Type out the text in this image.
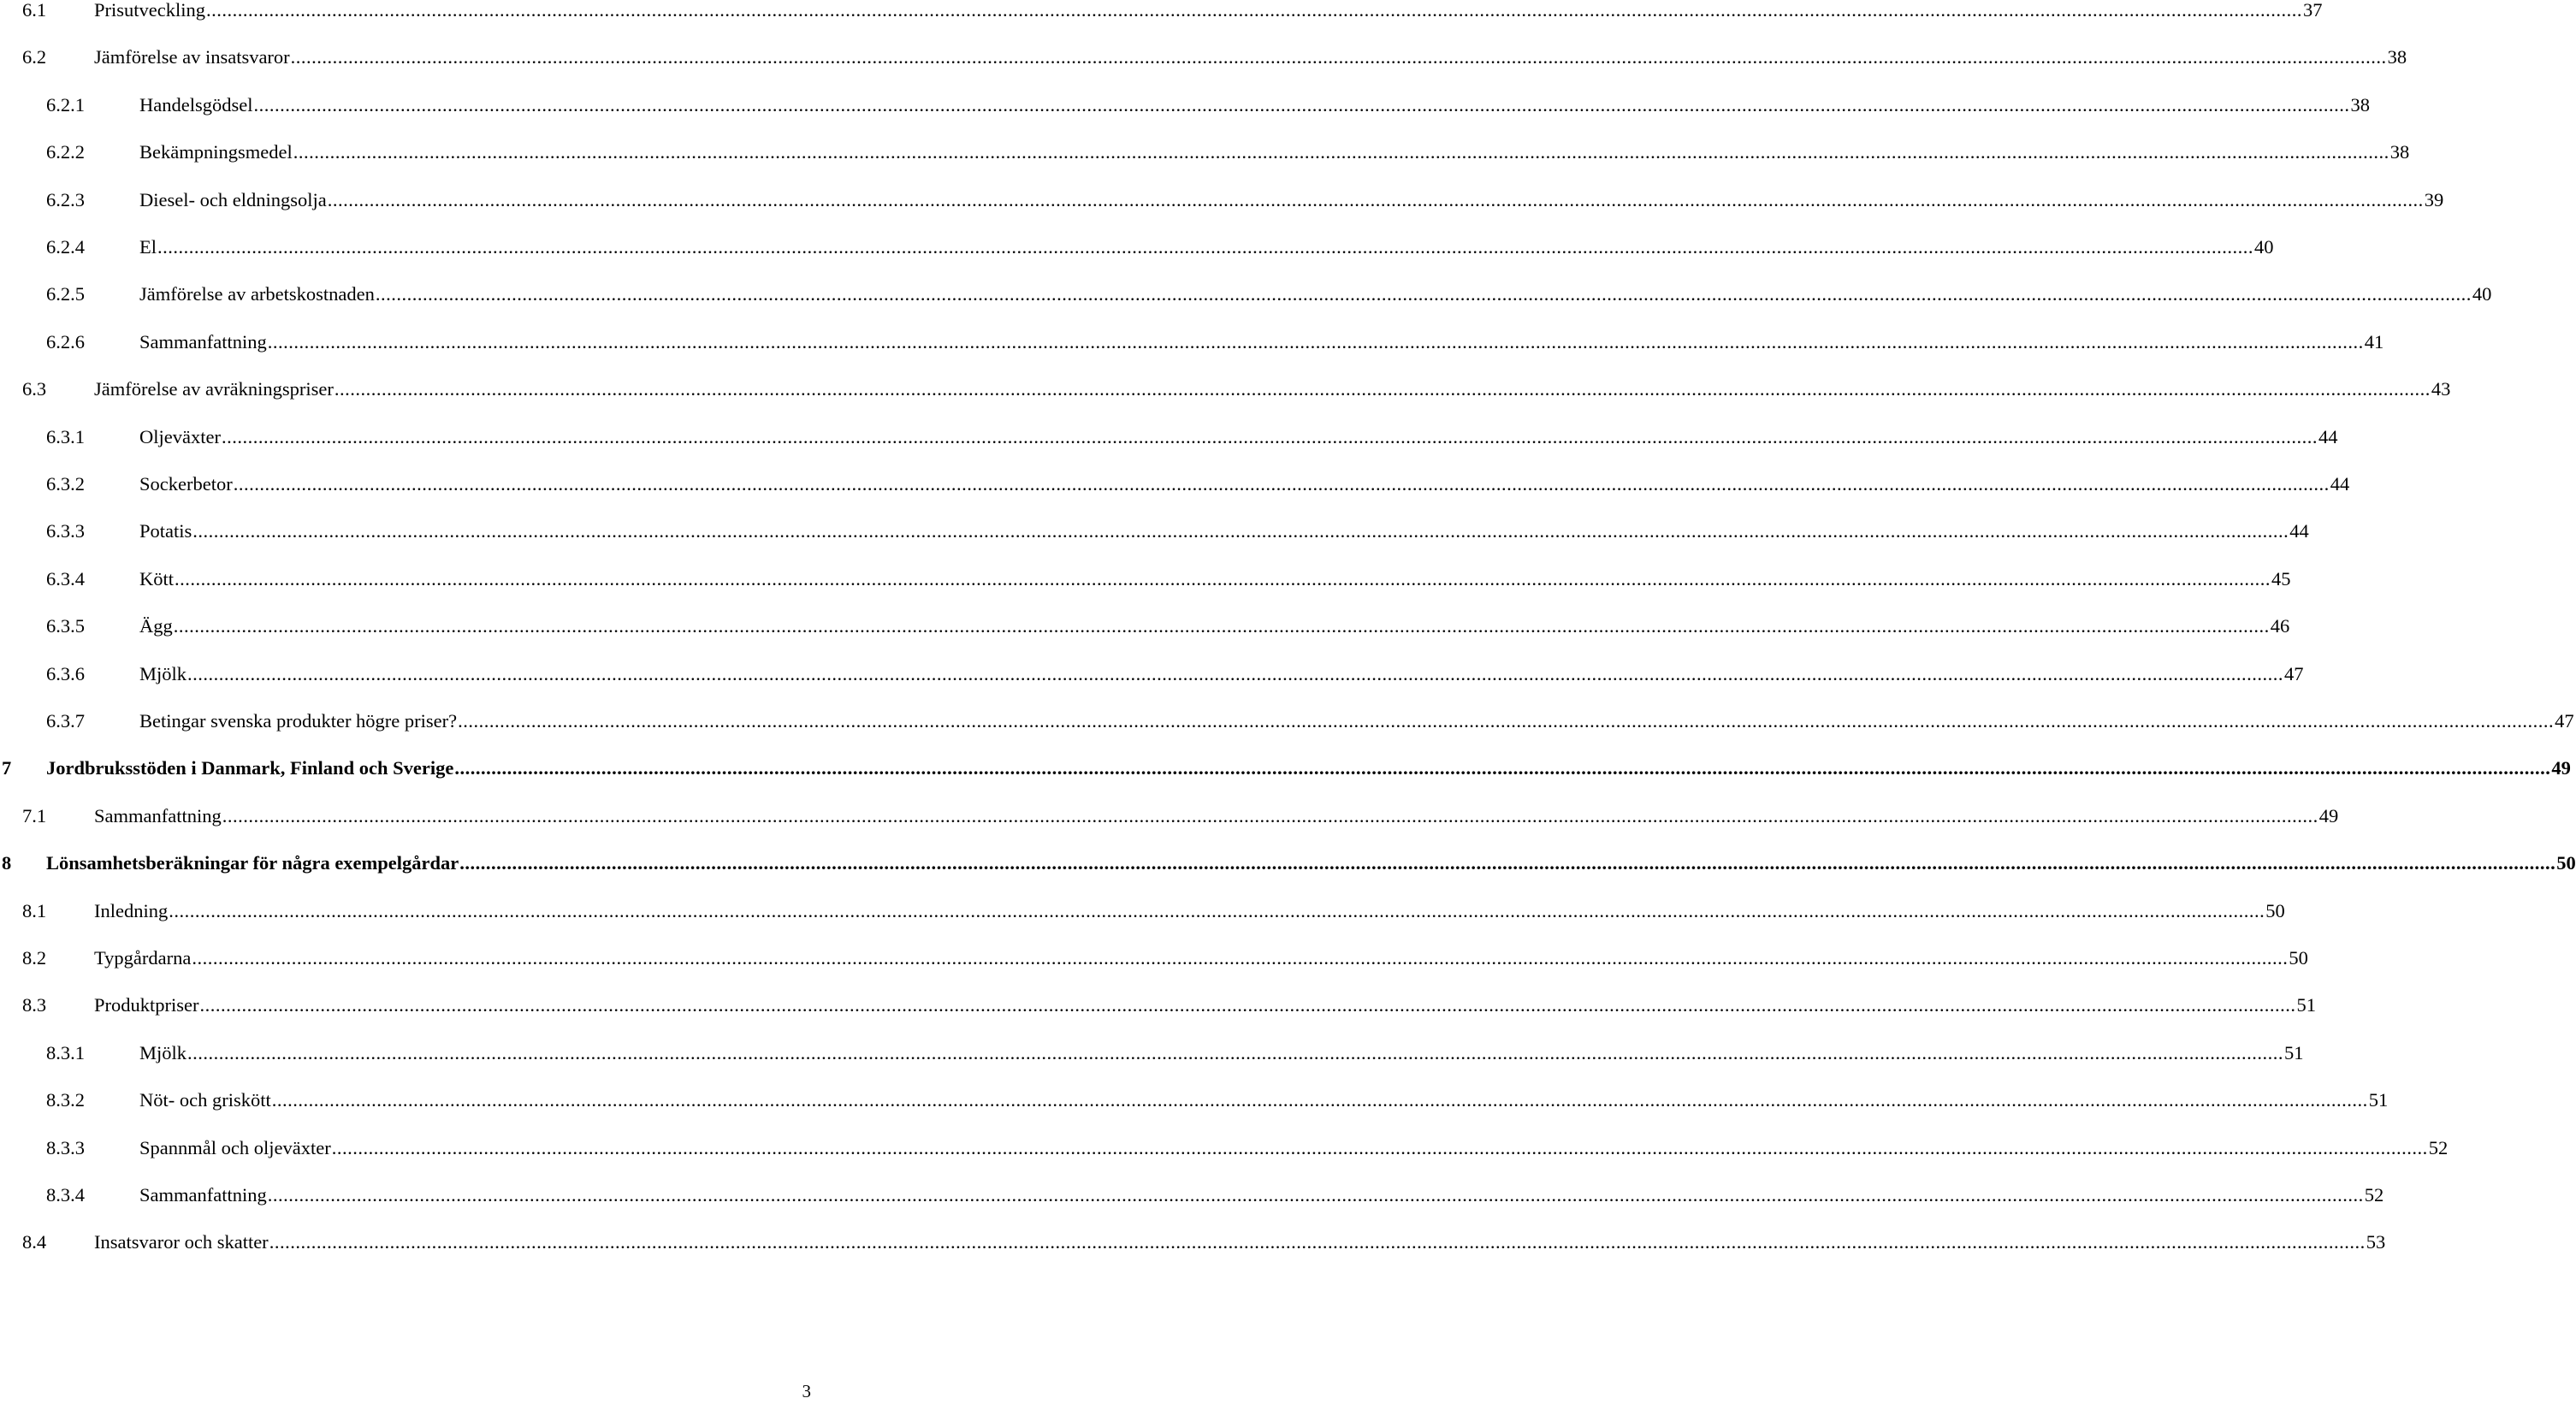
6.1 Prisutveckling ................................................................................................................................................................................................................................................................................................................................................................................................................ 37
6.2 Jämförelse av insatsvaror ................................................................................................................................................................................................................................................................................................................................................................................................................ 38
6.2.1	Handelsgödsel ................................................................................................................................................................................................................................................................................................................................................................................................................ 38
6.2.2	Bekämpningsmedel ................................................................................................................................................................................................................................................................................................................................................................................................................ 38
6.2.3	Diesel- och eldningsolja ................................................................................................................................................................................................................................................................................................................................................................................................................ 39
6.2.4	El ................................................................................................................................................................................................................................................................................................................................................................................................................ 40
6.2.5	Jämförelse av arbetskostnaden ................................................................................................................................................................................................................................................................................................................................................................................................................ 40
6.2.6	Sammanfattning ................................................................................................................................................................................................................................................................................................................................................................................................................ 41
6.3 Jämförelse av avräkningspriser ................................................................................................................................................................................................................................................................................................................................................................................................................ 43
6.3.1	Oljeväxter ................................................................................................................................................................................................................................................................................................................................................................................................................ 44
6.3.2	Sockerbetor ................................................................................................................................................................................................................................................................................................................................................................................................................ 44
6.3.3	Potatis ................................................................................................................................................................................................................................................................................................................................................................................................................ 44
6.3.4	Kött ................................................................................................................................................................................................................................................................................................................................................................................................................ 45
6.3.5	Ägg ................................................................................................................................................................................................................................................................................................................................................................................................................ 46
6.3.6	Mjölk ................................................................................................................................................................................................................................................................................................................................................................................................................ 47
6.3.7	Betingar svenska produkter högre priser? ................................................................................................................................................................................................................................................................................................................................................................................................................ 47
7 Jordbruksstöden i Danmark, Finland och Sverige ................................................................................................................................................................................................................................................................................................................................................................................................................ 49
7.1 Sammanfattning ................................................................................................................................................................................................................................................................................................................................................................................................................ 49
8 Lönsamhetsberäkningar för några exempelgårdar ................................................................................................................................................................................................................................................................................................................................................................................................................ 50
8.1 Inledning ................................................................................................................................................................................................................................................................................................................................................................................................................ 50
8.2 Typgårdarna ................................................................................................................................................................................................................................................................................................................................................................................................................ 50
8.3 Produktpriser ................................................................................................................................................................................................................................................................................................................................................................................................................ 51
8.3.1	Mjölk ................................................................................................................................................................................................................................................................................................................................................................................................................ 51
8.3.2	Nöt- och griskött ................................................................................................................................................................................................................................................................................................................................................................................................................ 51
8.3.3	Spannmål och oljeväxter ................................................................................................................................................................................................................................................................................................................................................................................................................ 52
8.3.4	Sammanfattning ................................................................................................................................................................................................................................................................................................................................................................................................................ 52
8.4 Insatsvaror och skatter ................................................................................................................................................................................................................................................................................................................................................................................................................ 53
3
